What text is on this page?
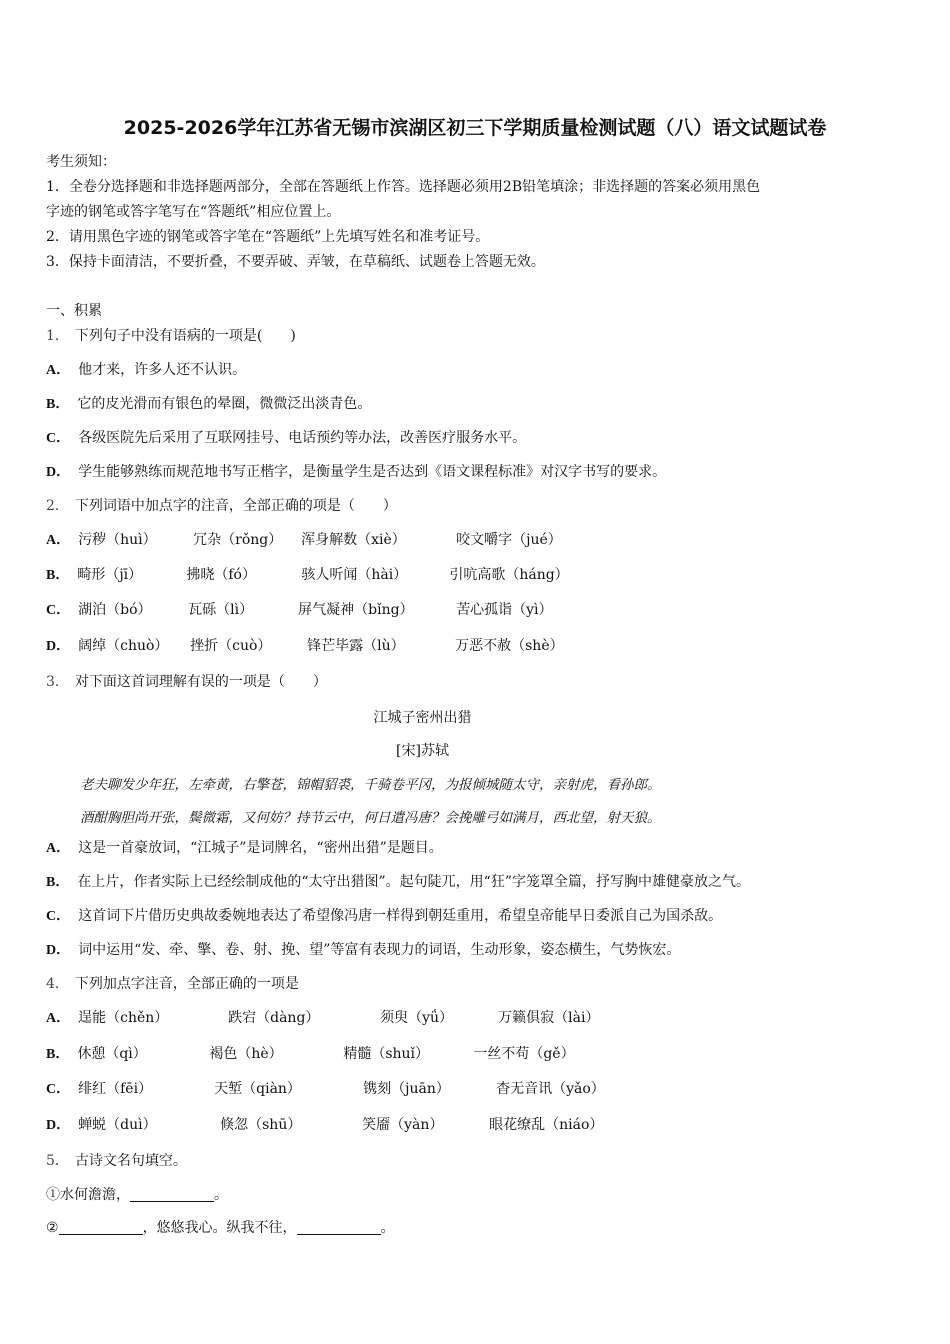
2025-2026学年江苏省无锡市滨湖区初三下学期质量检测试题（八）语文试题试卷
考生须知：
1．全卷分选择题和非选择题两部分，全部在答题纸上作答。选择题必须用2B铅笔填涂；非选择题的答案必须用黑色
字迹的钢笔或答字笔写在“答题纸”相应位置上。
2．请用黑色字迹的钢笔或答字笔在“答题纸”上先填写姓名和准考证号。
3．保持卡面清洁，不要折叠，不要弄破、弄皱，在草稿纸、试题卷上答题无效。
一、积累
1． 下列句子中没有语病的一项是(　　)
A． 他才来，许多人还不认识。
B． 它的皮光滑而有银色的晕圈，微微泛出淡青色。
C． 各级医院先后采用了互联网挂号、电话预约等办法，改善医疗服务水平。
D． 学生能够熟练而规范地书写正楷字，是衡量学生是否达到《语文课程标准》对汉字书写的要求。
2． 下列词语中加点字的注音，全部正确的项是（　　）
A． 污秽（huì）	冗杂（rǒng） 浑身解数（xiè）	咬文嚼字（jué）
B． 畸形（jī）	拂晓（fó）	骇人听闻（hài）	引吭高歌（háng）
C． 湖泊（bó）	瓦砾（lì）	屏气凝神（bǐng）	苦心孤诣（yì）
D． 阔绰（chuò） 挫折（cuò）	锋芒毕露（lù）	万恶不赦（shè）
3． 对下面这首词理解有误的一项是（　　）
江城子密州出猎
[宋]苏轼
老夫聊发少年狂，左牵黄，右擎苍，锦帽貂裘，千骑卷平冈，为报倾城随太守，亲射虎，看孙郎。
酒酣胸胆尚开张，鬓微霜，又何妨？持节云中，何日遣冯唐？会挽雕弓如满月，西北望，射天狼。
A． 这是一首豪放词，“江城子”是词牌名，“密州出猎”是题目。
B． 在上片，作者实际上已经绘制成他的“太守出猎图”。起句陡兀，用“狂”字笼罩全篇，抒写胸中雄健豪放之气。
C． 这首词下片借历史典故委婉地表达了希望像冯唐一样得到朝廷重用，希望皇帝能早日委派自己为国杀敌。
D． 词中运用“发、牵、擎、卷、射、挽、望”等富有表现力的词语，生动形象，姿态横生，气势恢宏。
4． 下列加点字注音，全部正确的一项是
A． 逞能（chěn）	跌宕（dàng）	须臾（yǘ）	万籁俱寂（lài）
B． 休憩（qì）	褐色（hè）	精髓（shuǐ）	一丝不苟（gě）
C． 绯红（fēi）	天堑（qiàn）	镌刻（juān）	杳无音讯（yǎo）
D． 蝉蜕（duì）	倏忽（shū）	笑靥（yàn）	眼花缭乱（niáo）
5． 古诗文名句填空。
①水何澹澹，	。
②	，悠悠我心。纵我不往，	。
